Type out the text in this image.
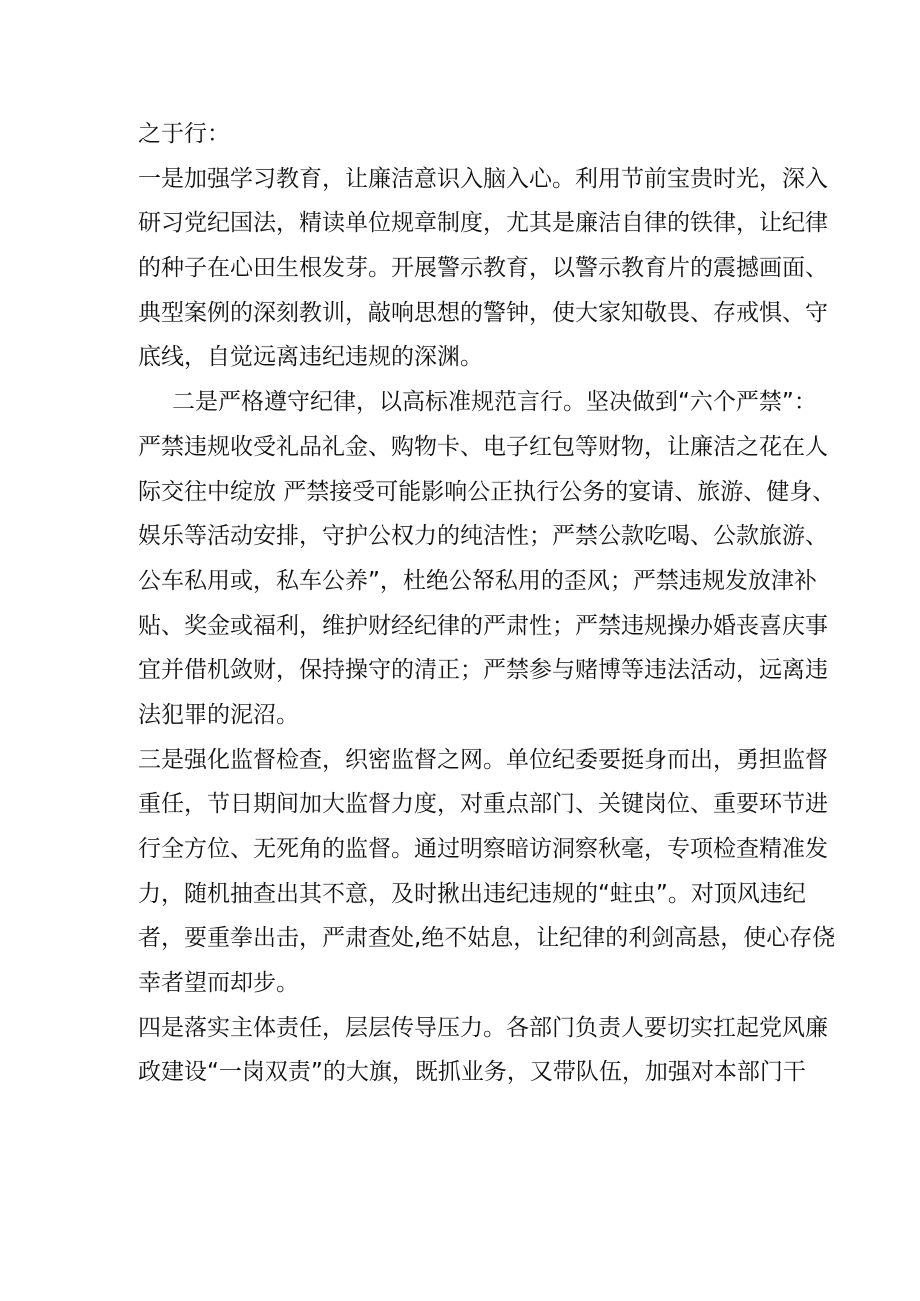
之于行：
一是加强学习教育，让廉洁意识入脑入心。利用节前宝贵时光，深入
研习党纪国法，精读单位规章制度，尤其是廉洁自律的铁律，让纪律
的种子在心田生根发芽。开展警示教育，以警示教育片的震撼画面、
典型案例的深刻教训，敲响思想的警钟，使大家知敬畏、存戒惧、守
底线，自觉远离违纪违规的深渊。
二是严格遵守纪律，以高标准规范言行。坚决做到“六个严禁”：
严禁违规收受礼品礼金、购物卡、电子红包等财物，让廉洁之花在人
际交往中绽放 严禁接受可能影响公正执行公务的宴请、旅游、健身、
娱乐等活动安排，守护公权力的纯洁性；严禁公款吃喝、公款旅游、
公车私用或，私车公养”，杜绝公帑私用的歪风；严禁违规发放津补
贴、奖金或福利，维护财经纪律的严肃性；严禁违规操办婚丧喜庆事
宜并借机敛财，保持操守的清正；严禁参与赌博等违法活动，远离违
法犯罪的泥沼。
三是强化监督检查，织密监督之网。单位纪委要挺身而出，勇担监督
重任，节日期间加大监督力度，对重点部门、关键岗位、重要环节进
行全方位、无死角的监督。通过明察暗访洞察秋毫，专项检查精准发
力，随机抽查出其不意，及时揪出违纪违规的“蛀虫”。对顶风违纪
者，要重拳出击，严肃查处,绝不姑息，让纪律的利剑高悬，使心存侥
幸者望而却步。
四是落实主体责任，层层传导压力。各部门负责人要切实扛起党风廉
政建设“一岗双责”的大旗，既抓业务，又带队伍，加强对本部门干
